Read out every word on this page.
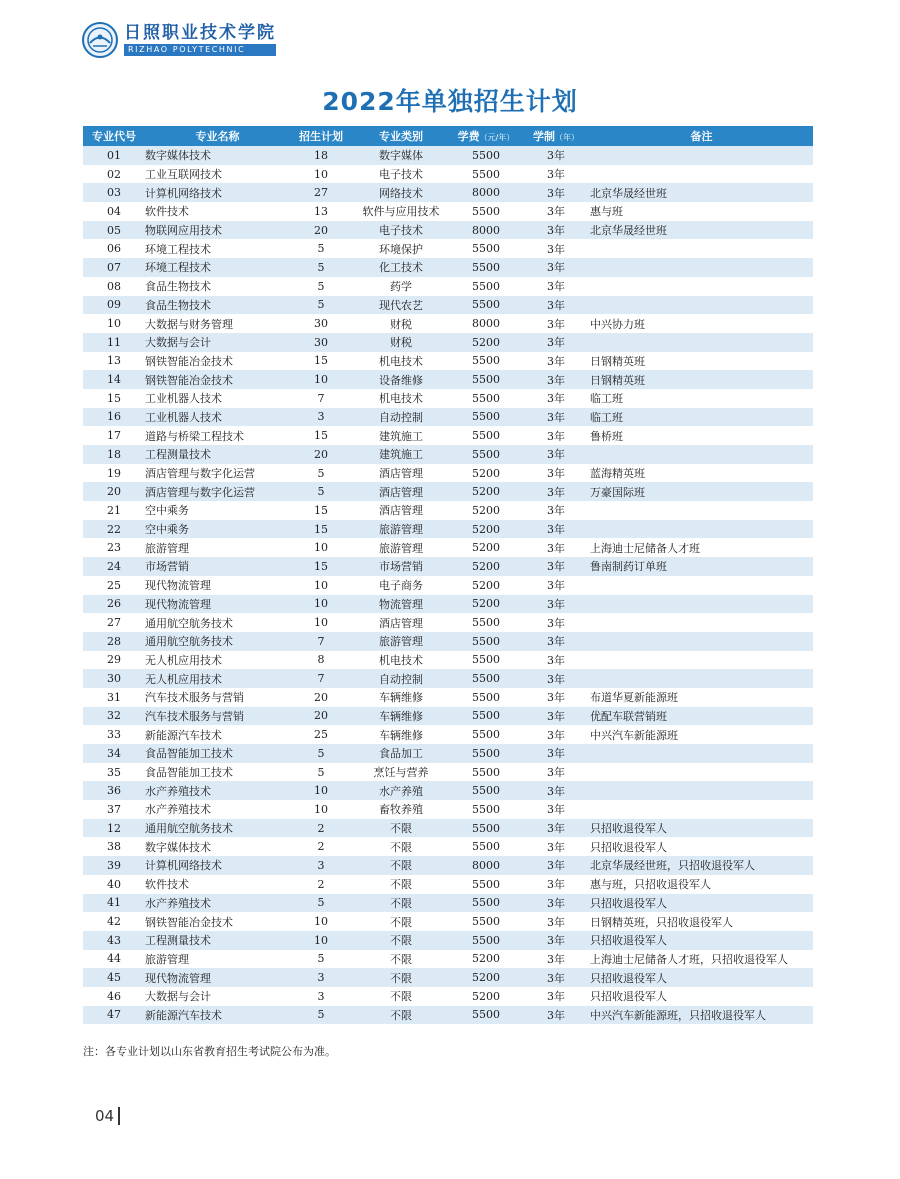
日照职业技术学院
RIZHAO POLYTECHNIC
2022年单独招生计划
专业代号	专业名称	招生计划	专业类别	学费（元/年）	学制（年）	备注
01	数字媒体技术	18	数字媒体	5500	3年	
02	工业互联网技术	10	电子技术	5500	3年	
03	计算机网络技术	27	网络技术	8000	3年	北京华晟经世班
04	软件技术	13	软件与应用技术	5500	3年	惠与班
05	物联网应用技术	20	电子技术	8000	3年	北京华晟经世班
06	环境工程技术	5	环境保护	5500	3年	
07	环境工程技术	5	化工技术	5500	3年	
08	食品生物技术	5	药学	5500	3年	
09	食品生物技术	5	现代农艺	5500	3年	
10	大数据与财务管理	30	财税	8000	3年	中兴协力班
11	大数据与会计	30	财税	5200	3年	
13	钢铁智能冶金技术	15	机电技术	5500	3年	日钢精英班
14	钢铁智能冶金技术	10	设备维修	5500	3年	日钢精英班
15	工业机器人技术	7	机电技术	5500	3年	临工班
16	工业机器人技术	3	自动控制	5500	3年	临工班
17	道路与桥梁工程技术	15	建筑施工	5500	3年	鲁桥班
18	工程测量技术	20	建筑施工	5500	3年	
19	酒店管理与数字化运营	5	酒店管理	5200	3年	蓝海精英班
20	酒店管理与数字化运营	5	酒店管理	5200	3年	万豪国际班
21	空中乘务	15	酒店管理	5200	3年	
22	空中乘务	15	旅游管理	5200	3年	
23	旅游管理	10	旅游管理	5200	3年	上海迪士尼储备人才班
24	市场营销	15	市场营销	5200	3年	鲁南制药订单班
25	现代物流管理	10	电子商务	5200	3年	
26	现代物流管理	10	物流管理	5200	3年	
27	通用航空航务技术	10	酒店管理	5500	3年	
28	通用航空航务技术	7	旅游管理	5500	3年	
29	无人机应用技术	8	机电技术	5500	3年	
30	无人机应用技术	7	自动控制	5500	3年	
31	汽车技术服务与营销	20	车辆维修	5500	3年	布道华夏新能源班
32	汽车技术服务与营销	20	车辆维修	5500	3年	优配车联营销班
33	新能源汽车技术	25	车辆维修	5500	3年	中兴汽车新能源班
34	食品智能加工技术	5	食品加工	5500	3年	
35	食品智能加工技术	5	烹饪与营养	5500	3年	
36	水产养殖技术	10	水产养殖	5500	3年	
37	水产养殖技术	10	畜牧养殖	5500	3年	
12	通用航空航务技术	2	不限	5500	3年	只招收退役军人
38	数字媒体技术	2	不限	5500	3年	只招收退役军人
39	计算机网络技术	3	不限	8000	3年	北京华晟经世班，只招收退役军人
40	软件技术	2	不限	5500	3年	惠与班，只招收退役军人
41	水产养殖技术	5	不限	5500	3年	只招收退役军人
42	钢铁智能冶金技术	10	不限	5500	3年	日钢精英班，只招收退役军人
43	工程测量技术	10	不限	5500	3年	只招收退役军人
44	旅游管理	5	不限	5200	3年	上海迪士尼储备人才班，只招收退役军人
45	现代物流管理	3	不限	5200	3年	只招收退役军人
46	大数据与会计	3	不限	5200	3年	只招收退役军人
47	新能源汽车技术	5	不限	5500	3年	中兴汽车新能源班，只招收退役军人
注：各专业计划以山东省教育招生考试院公布为准。
04
